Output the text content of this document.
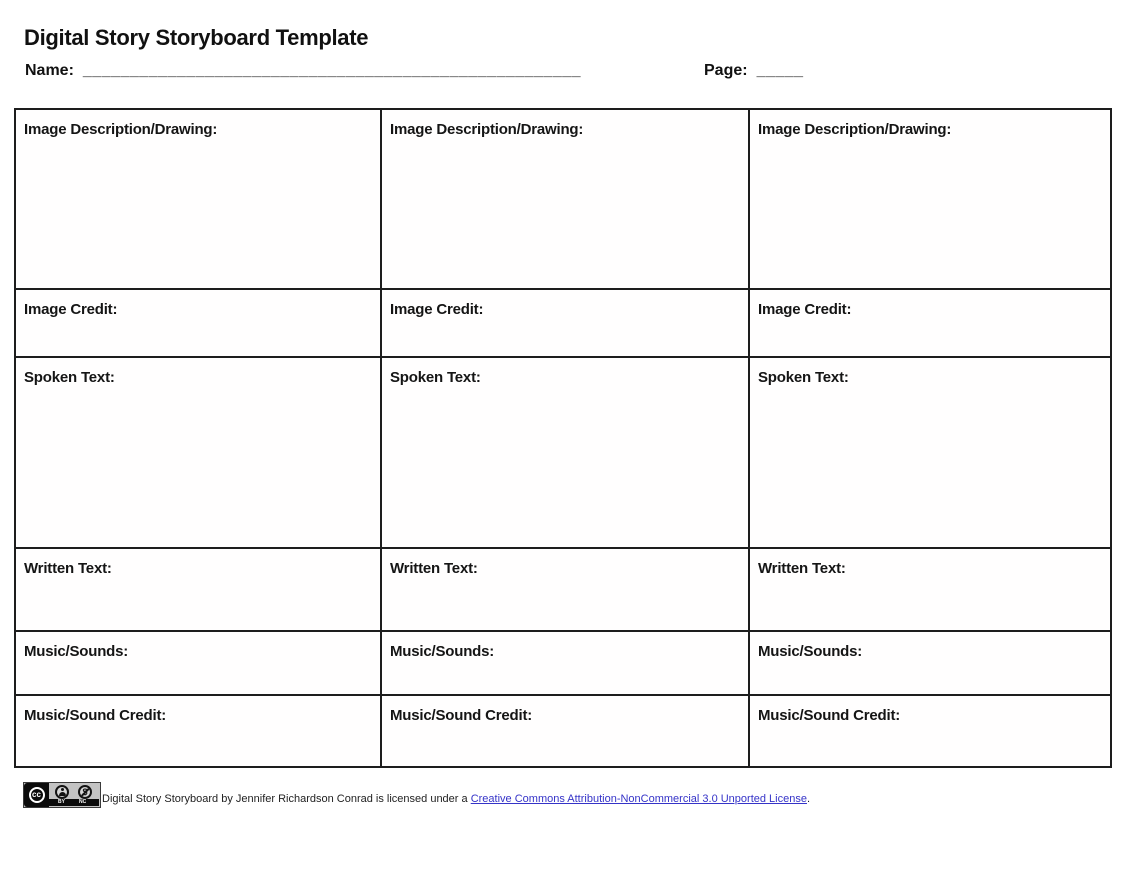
Digital Story Storyboard Template
Name: _____________________________________________________	Page: _____
Image Description/Drawing:	Image Description/Drawing:	Image Description/Drawing:
Image Credit:	Image Credit:	Image Credit:
Spoken Text:	Spoken Text:	Spoken Text:
Written Text:	Written Text:	Written Text:
Music/Sounds:	Music/Sounds:	Music/Sounds:
Music/Sound Credit:	Music/Sound Credit:	Music/Sound Credit:
cc
BY	NC Digital Story Storyboard by Jennifer Richardson Conrad is licensed under a Creative Commons Attribution-NonCommercial 3.0 Unported License.
